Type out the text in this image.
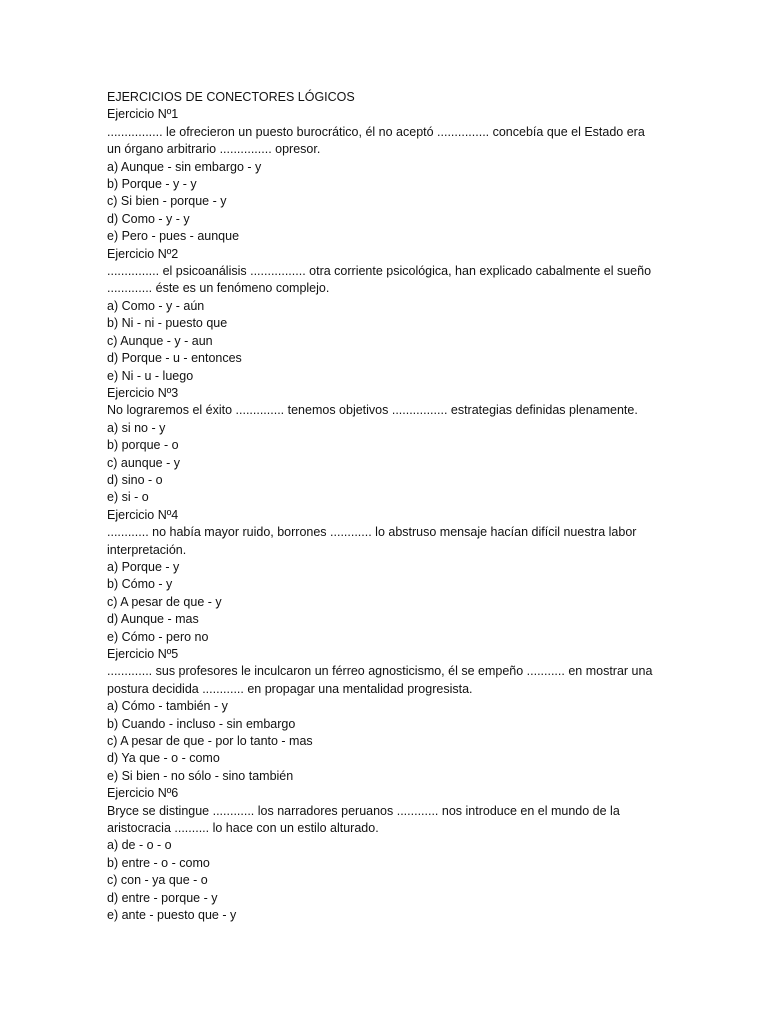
EJERCICIOS DE CONECTORES LÓGICOS

Ejercicio Nº1

................ le ofrecieron un puesto burocrático, él no aceptó ............... concebía que el Estado era

un órgano arbitrario ............... opresor.

a) Aunque - sin embargo - y

b) Porque - y - y

c) Si bien - porque - y

d) Como - y - y

e) Pero - pues - aunque

Ejercicio Nº2

............... el psicoanálisis ................ otra corriente psicológica, han explicado cabalmente el sueño

............. éste es un fenómeno complejo.

a) Como - y - aún

b) Ni - ni - puesto que

c) Aunque - y - aun

d) Porque - u - entonces

e) Ni - u - luego

Ejercicio Nº3

No lograremos el éxito .............. tenemos objetivos ................ estrategias definidas plenamente.

a) si no - y

b) porque - o

c) aunque - y

d) sino - o

e) si - o

Ejercicio Nº4

............ no había mayor ruido, borrones ............ lo abstruso mensaje hacían difícil nuestra labor

interpretación.

a) Porque - y

b) Cómo - y

c) A pesar de que - y

d) Aunque - mas

e) Cómo - pero no

Ejercicio Nº5

............. sus profesores le inculcaron un férreo agnosticismo, él se empeño ........... en mostrar una

postura decidida ............ en propagar una mentalidad progresista.

a) Cómo - también - y

b) Cuando - incluso - sin embargo

c) A pesar de que - por lo tanto - mas

d) Ya que - o - como

e) Si bien - no sólo - sino también

Ejercicio Nº6

Bryce se distingue ............ los narradores peruanos ............ nos introduce en el mundo de la

aristocracia .......... lo hace con un estilo alturado.

a) de - o - o

b) entre - o - como

c) con - ya que - o

d) entre - porque - y

e) ante - puesto que - y
